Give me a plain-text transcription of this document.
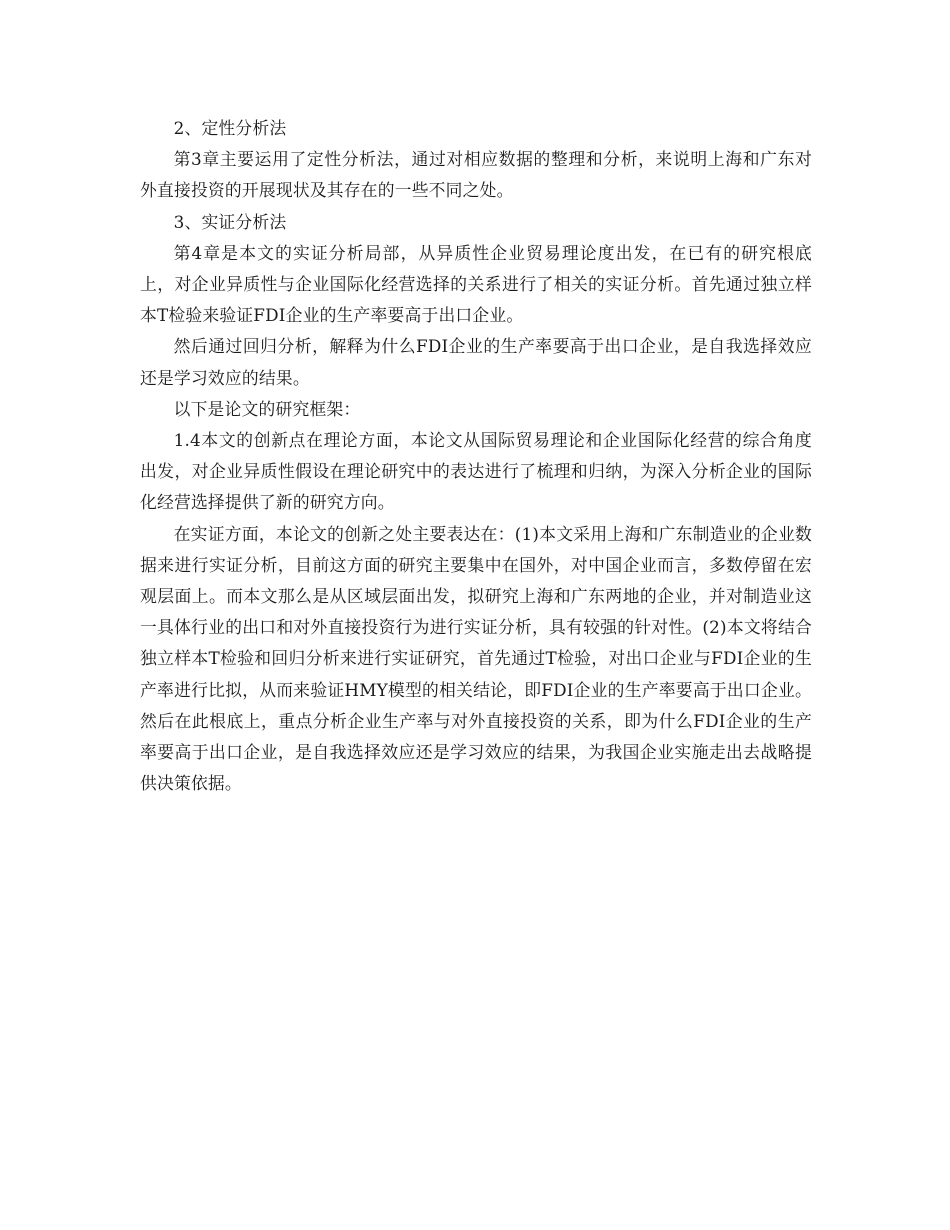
2、定性分析法

第3章主要运用了定性分析法，通过对相应数据的整理和分析，来说明上海和广东对外直接投资的开展现状及其存在的一些不同之处。

3、实证分析法

第4章是本文的实证分析局部，从异质性企业贸易理论度出发，在已有的研究根底上，对企业异质性与企业国际化经营选择的关系进行了相关的实证分析。首先通过独立样本T检验来验证FDI企业的生产率要高于出口企业。

然后通过回归分析，解释为什么FDI企业的生产率要高于出口企业，是自我选择效应还是学习效应的结果。

以下是论文的研究框架：

1.4本文的创新点在理论方面，本论文从国际贸易理论和企业国际化经营的综合角度出发，对企业异质性假设在理论研究中的表达进行了梳理和归纳，为深入分析企业的国际化经营选择提供了新的研究方向。

在实证方面，本论文的创新之处主要表达在：(1)本文采用上海和广东制造业的企业数据来进行实证分析，目前这方面的研究主要集中在国外，对中国企业而言，多数停留在宏观层面上。而本文那么是从区域层面出发，拟研究上海和广东两地的企业，并对制造业这一具体行业的出口和对外直接投资行为进行实证分析，具有较强的针对性。(2)本文将结合独立样本T检验和回归分析来进行实证研究，首先通过T检验，对出口企业与FDI企业的生产率进行比拟，从而来验证HMY模型的相关结论，即FDI企业的生产率要高于出口企业。然后在此根底上，重点分析企业生产率与对外直接投资的关系，即为什么FDI企业的生产率要高于出口企业，是自我选择效应还是学习效应的结果，为我国企业实施走出去战略提供决策依据。
